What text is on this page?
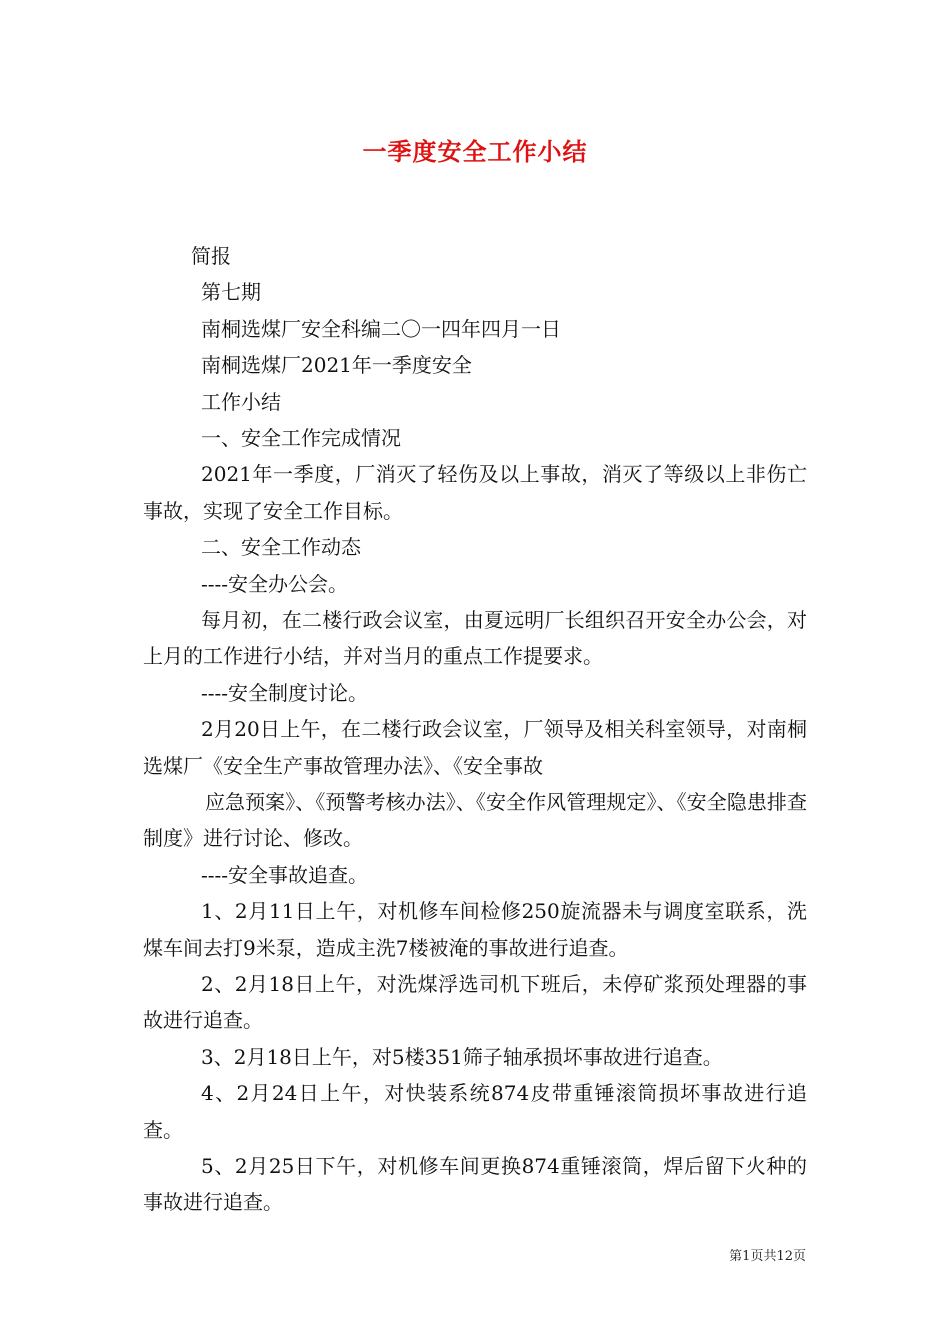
一季度安全工作小结
简报
第七期
南桐选煤厂安全科编二〇一四年四月一日
南桐选煤厂2021年一季度安全
工作小结
一、安全工作完成情况
2021年一季度，厂消灭了轻伤及以上事故，消灭了等级以上非伤亡事故，实现了安全工作目标。
二、安全工作动态
----安全办公会。
每月初，在二楼行政会议室，由夏远明厂长组织召开安全办公会，对上月的工作进行小结，并对当月的重点工作提要求。
----安全制度讨论。
2月20日上午，在二楼行政会议室，厂领导及相关科室领导，对南桐选煤厂《安全生产事故管理办法》、《安全事故
应急预案》、《预警考核办法》、《安全作风管理规定》、《安全隐患排查制度》进行讨论、修改。
----安全事故追查。
1、2月11日上午，对机修车间检修250旋流器未与调度室联系，洗煤车间去打9米泵，造成主洗7楼被淹的事故进行追查。
2、2月18日上午，对洗煤浮选司机下班后，未停矿浆预处理器的事故进行追查。
3、2月18日上午，对5楼351筛子轴承损坏事故进行追查。
4、2月24日上午，对快装系统874皮带重锤滚筒损坏事故进行追查。
5、2月25日下午，对机修车间更换874重锤滚筒，焊后留下火种的事故进行追查。
第1页共12页
